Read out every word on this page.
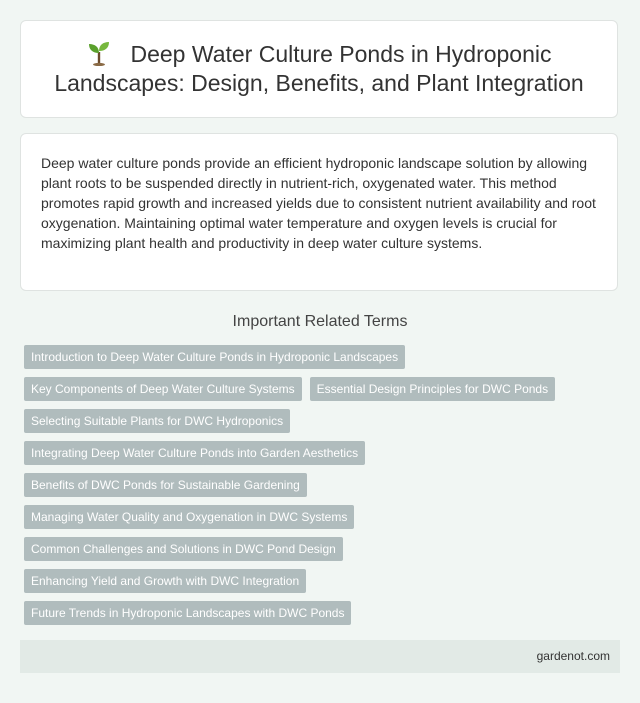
Deep Water Culture Ponds in Hydroponic Landscapes: Design, Benefits, and Plant Integration

Deep water culture ponds provide an efficient hydroponic landscape solution by allowing plant roots to be suspended directly in nutrient-rich, oxygenated water. This method promotes rapid growth and increased yields due to consistent nutrient availability and root oxygenation. Maintaining optimal water temperature and oxygen levels is crucial for maximizing plant health and productivity in deep water culture systems.

Important Related Terms
Introduction to Deep Water Culture Ponds in Hydroponic Landscapes
Key Components of Deep Water Culture Systems	Essential Design Principles for DWC Ponds
Selecting Suitable Plants for DWC Hydroponics
Integrating Deep Water Culture Ponds into Garden Aesthetics
Benefits of DWC Ponds for Sustainable Gardening
Managing Water Quality and Oxygenation in DWC Systems
Common Challenges and Solutions in DWC Pond Design
Enhancing Yield and Growth with DWC Integration
Future Trends in Hydroponic Landscapes with DWC Ponds
gardenot.com
